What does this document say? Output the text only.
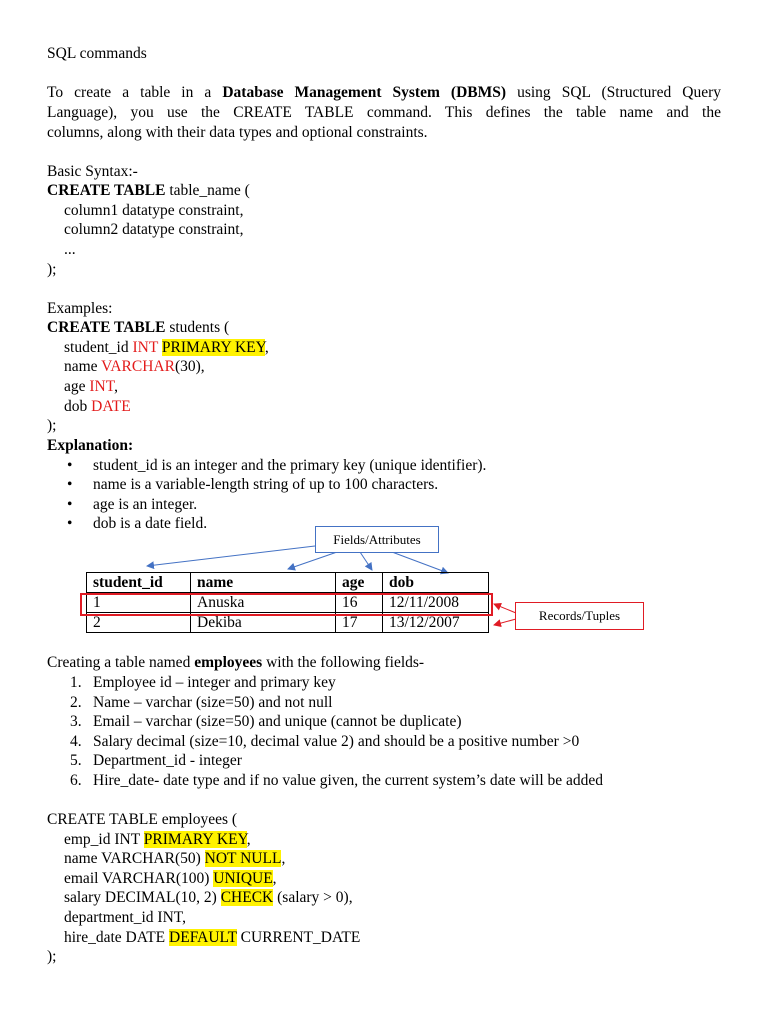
SQL commands
To create a table in a Database Management System (DBMS) using SQL (Structured Query
Language), you use the CREATE TABLE command. This defines the table name and the
columns, along with their data types and optional constraints.
Basic Syntax:-
CREATE TABLE table_name (
column1 datatype constraint,
column2 datatype constraint,
...
);
Examples:
CREATE TABLE students (
student_id INT PRIMARY KEY,
name VARCHAR(30),
age INT,
dob DATE
);
Explanation:
• student_id is an integer and the primary key (unique identifier).
• name is a variable-length string of up to 100 characters.
• age is an integer.
• dob is a date field.
Fields/Attributes
Records/Tuples
student_id	name	age	dob
1	Anuska	16	12/11/2008
2	Dekiba	17	13/12/2007
Creating a table named employees with the following fields-
1. Employee id – integer and primary key
2. Name – varchar (size=50) and not null
3. Email – varchar (size=50) and unique (cannot be duplicate)
4. Salary decimal (size=10, decimal value 2) and should be a positive number >0
5. Department_id - integer
6. Hire_date- date type and if no value given, the current system’s date will be added
CREATE TABLE employees (
emp_id INT PRIMARY KEY,
name VARCHAR(50) NOT NULL,
email VARCHAR(100) UNIQUE,
salary DECIMAL(10, 2) CHECK (salary > 0),
department_id INT,
hire_date DATE DEFAULT CURRENT_DATE
);
